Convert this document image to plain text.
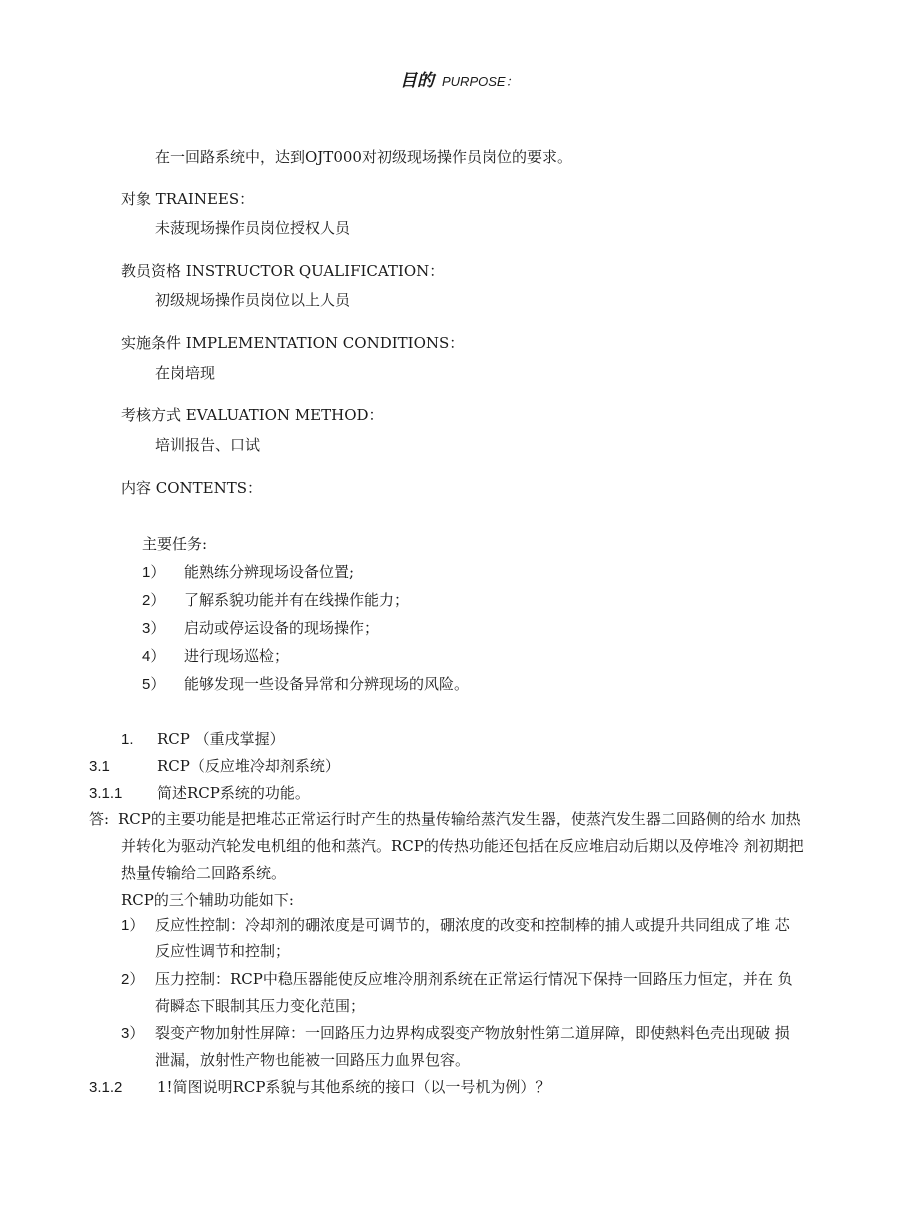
目的 PURPOSE：
在一回路系统中，达到OJT000对初级现场操作员岗位的要求。
对象 TRAINEES：
未菠现场操作员岗位授权人员
教员资格 INSTRUCTOR QUALIFICATION：
初级规场操作员岗位以上人员
实施条件 IMPLEMENTATION CONDITIONS：
在岗培现
考核方式 EVALUATION METHOD：
培训报告、口试
内容 CONTENTS：
主要任务:
1） 能熟练分辨现场设备位置;
2） 了解系貌功能并有在线操作能力；
3） 启动或停运设备的现场操作；
4） 进行现场巡检；
5） 能够发现一些设备异常和分辨现场的风险。
1. RCP （重戌掌握）
3.1	RCP（反应堆冷却剂系统）
3.1.1 简述RCP系统的功能。
答: RCP的主要功能是把堆芯正常运行时产生的热量传输给蒸汽发生器，使蒸汽发生器二回路侧的给水 加热
并转化为驱动汽轮发电机组的他和蒸汽。RCP的传热功能还包括在反应堆启动后期以及停堆冷 剂初期把
热量传输给二回路系统。
RCP的三个辅助功能如下:
1） 反应性控制：冷却剂的硼浓度是可调节的，硼浓度的改变和控制棒的捕人或提升共同组成了堆 芯
反应性调节和控制；
2） 压力控制：RCP中稳压器能使反应堆冷朋剂系统在正常运行情况下保持一回路压力恒定，并在 负
荷瞬态下眼制其压力变化范围；
3） 裂变产物加射性屏障：一回路压力边界构成裂变产物放射性第二道屏障，即使熱料色壳出现破 损
泄漏，放射性产物也能被一回路压力血界包容。
3.1.2 1!简图说明RCP系貌与其他系统的接口（以一号机为例）？
